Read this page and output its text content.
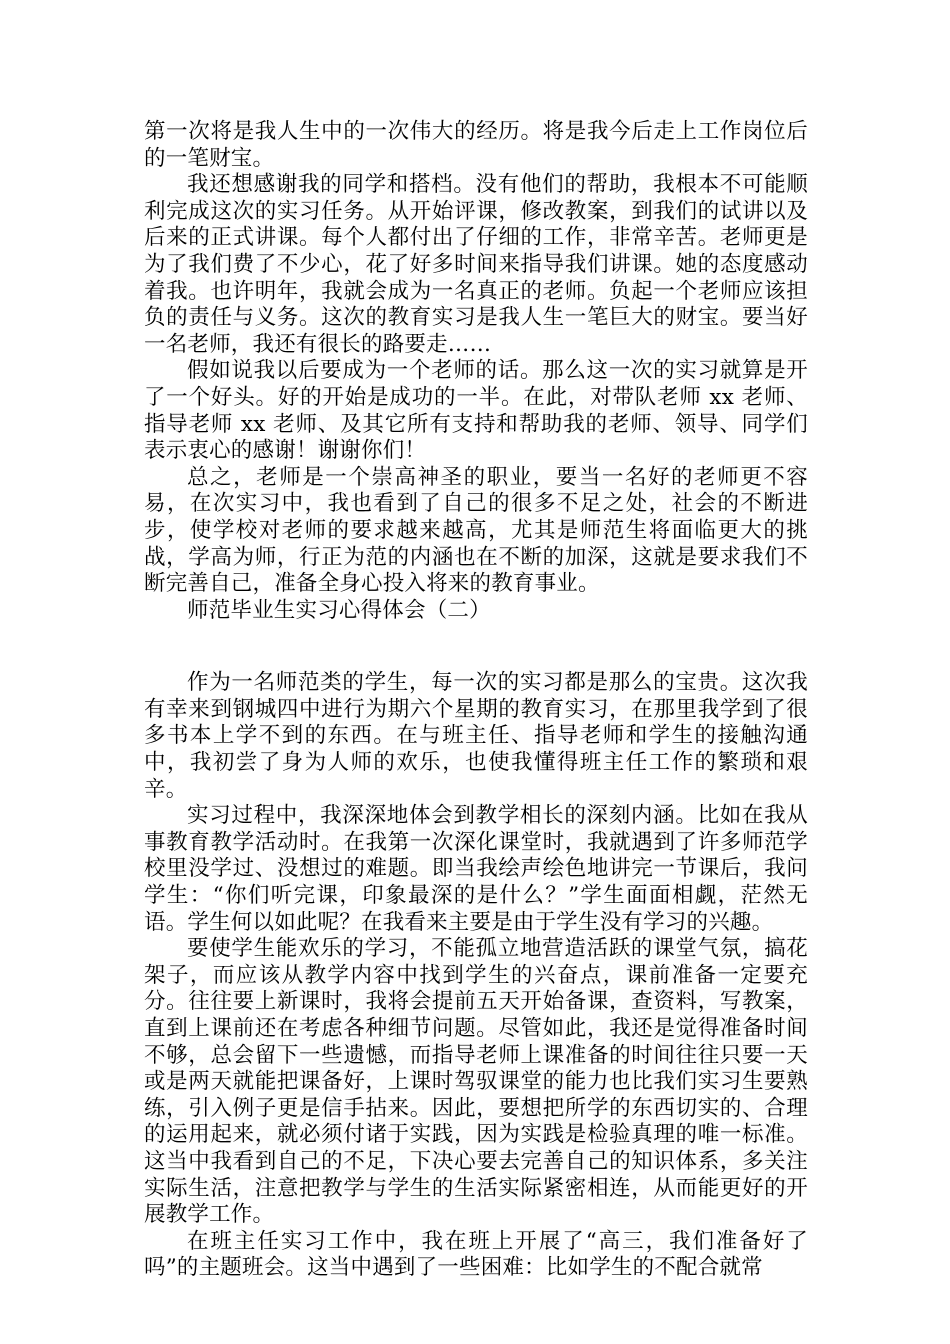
第一次将是我人生中的一次伟大的经历。将是我今后走上工作岗位后的一笔财宝。

我还想感谢我的同学和搭档。没有他们的帮助，我根本不可能顺利完成这次的实习任务。从开始评课，修改教案，到我们的试讲以及后来的正式讲课。每个人都付出了仔细的工作，非常辛苦。老师更是为了我们费了不少心，花了好多时间来指导我们讲课。她的态度感动着我。也许明年，我就会成为一名真正的老师。负起一个老师应该担负的责任与义务。这次的教育实习是我人生一笔巨大的财宝。要当好一名老师，我还有很长的路要走……

假如说我以后要成为一个老师的话。那么这一次的实习就算是开了一个好头。好的开始是成功的一半。在此，对带队老师 xx 老师、指导老师 xx 老师、及其它所有支持和帮助我的老师、领导、同学们表示衷心的感谢！谢谢你们！

总之，老师是一个崇高神圣的职业，要当一名好的老师更不容易，在次实习中，我也看到了自己的很多不足之处，社会的不断进步，使学校对老师的要求越来越高，尤其是师范生将面临更大的挑战，学高为师，行正为范的内涵也在不断的加深，这就是要求我们不断完善自己，准备全身心投入将来的教育事业。

师范毕业生实习心得体会（二）

作为一名师范类的学生，每一次的实习都是那么的宝贵。这次我有幸来到钢城四中进行为期六个星期的教育实习，在那里我学到了很多书本上学不到的东西。在与班主任、指导老师和学生的接触沟通中，我初尝了身为人师的欢乐，也使我懂得班主任工作的繁琐和艰辛。

实习过程中，我深深地体会到教学相长的深刻内涵。比如在我从事教育教学活动时。在我第一次深化课堂时，我就遇到了许多师范学校里没学过、没想过的难题。即当我绘声绘色地讲完一节课后，我问学生：“你们听完课，印象最深的是什么？”学生面面相觑，茫然无语。学生何以如此呢？在我看来主要是由于学生没有学习的兴趣。

要使学生能欢乐的学习，不能孤立地营造活跃的课堂气氛，搞花架子，而应该从教学内容中找到学生的兴奋点，课前准备一定要充分。往往要上新课时，我将会提前五天开始备课，查资料，写教案，直到上课前还在考虑各种细节问题。尽管如此，我还是觉得准备时间不够，总会留下一些遗憾，而指导老师上课准备的时间往往只要一天或是两天就能把课备好，上课时驾驭课堂的能力也比我们实习生要熟练，引入例子更是信手拈来。因此，要想把所学的东西切实的、合理的运用起来，就必须付诸于实践，因为实践是检验真理的唯一标准。这当中我看到自己的不足，下决心要去完善自己的知识体系，多关注实际生活，注意把教学与学生的生活实际紧密相连，从而能更好的开展教学工作。

在班主任实习工作中，我在班上开展了“高三，我们准备好了吗”的主题班会。这当中遇到了一些困难：比如学生的不配合就常
